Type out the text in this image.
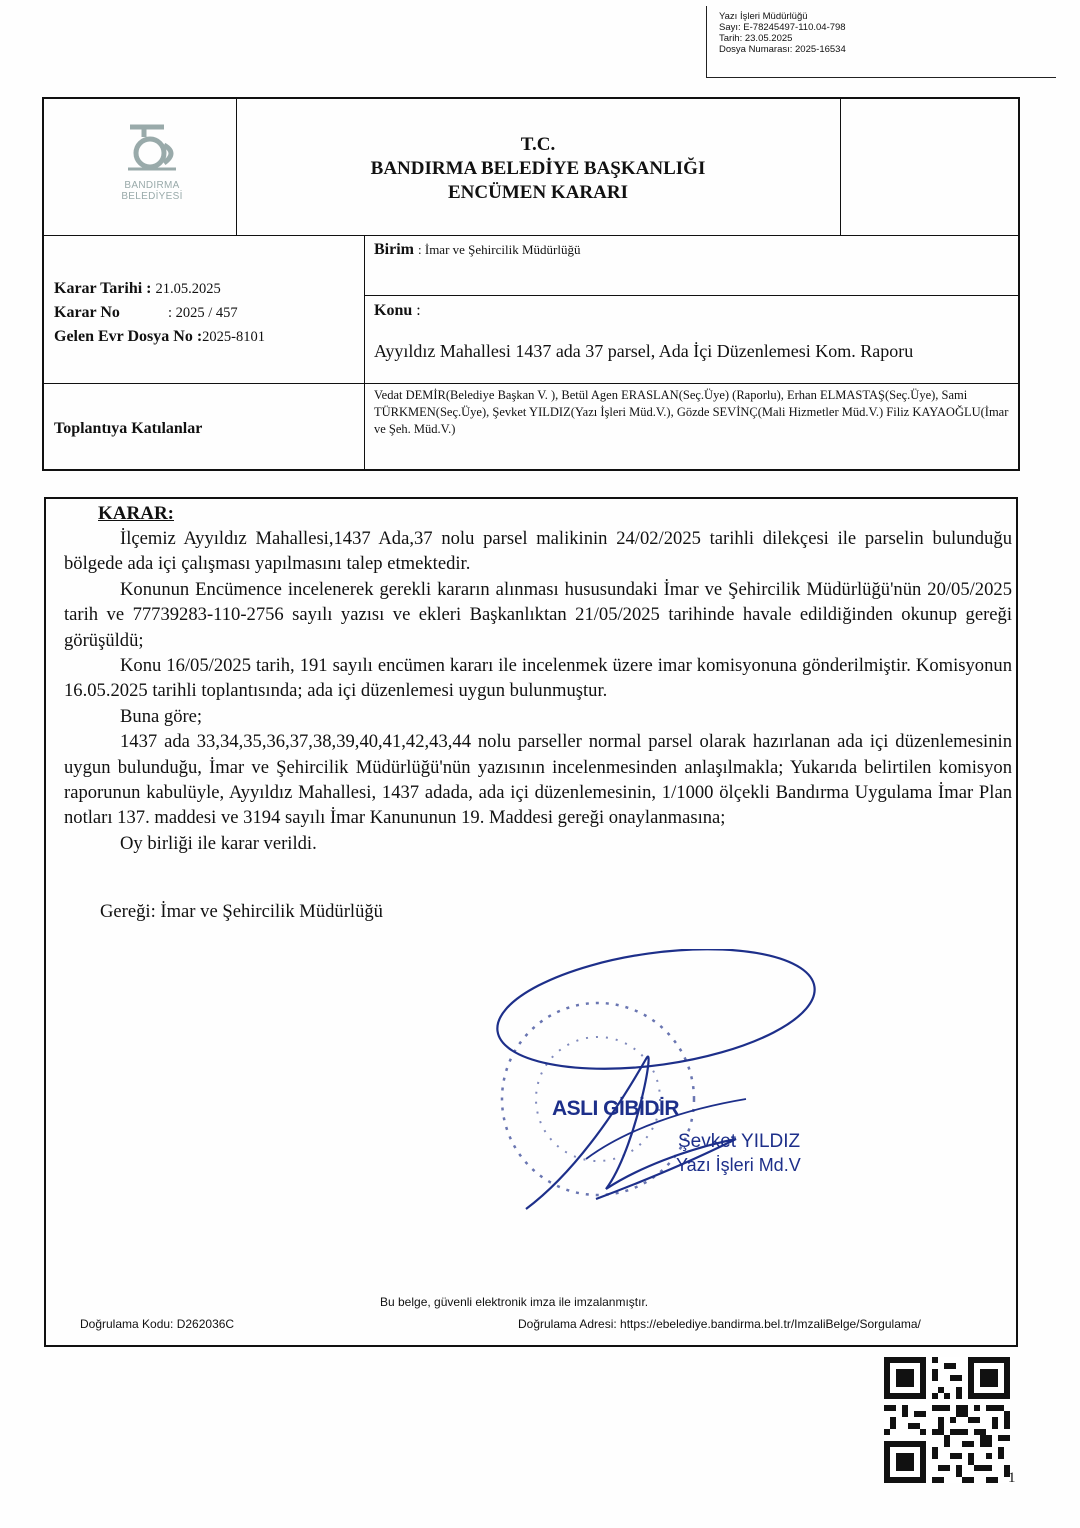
Yazı İşleri Müdürlüğü
Sayı: E-78245497-110.04-798
Tarih: 23.05.2025
Dosya Numarası: 2025-16534
BANDIRMA
BELEDİYESİ
T.C.
BANDIRMA BELEDİYE BAŞKANLIĞI
ENCÜMEN KARARI
Karar Tarihi : 21.05.2025
Karar No	: 2025 / 457
Gelen Evr Dosya No :2025-8101
Birim : İmar ve Şehircilik Müdürlüğü
Konu :
Ayyıldız Mahallesi 1437 ada 37 parsel, Ada İçi Düzenlemesi Kom. Raporu
Toplantıya Katılanlar
Vedat DEMİR(Belediye Başkan V. ), Betül Agen ERASLAN(Seç.Üye) (Raporlu), Erhan ELMASTAŞ(Seç.Üye), Sami TÜRKMEN(Seç.Üye), Şevket YILDIZ(Yazı İşleri Müd.V.), Gözde SEVİNÇ(Mali Hizmetler Müd.V.) Filiz KAYAOĞLU(İmar ve Şeh. Müd.V.)
KARAR:

İlçemiz Ayyıldız Mahallesi,1437 Ada,37 nolu parsel malikinin 24/02/2025 tarihli dilekçesi ile parselin bulunduğu bölgede ada içi çalışması yapılmasını talep etmektedir.

Konunun Encümence incelenerek gerekli kararın alınması hususundaki İmar ve Şehircilik Müdürlüğü'nün 20/05/2025 tarih ve 77739283-110-2756 sayılı yazısı ve ekleri Başkanlıktan 21/05/2025 tarihinde havale edildiğinden okunup gereği görüşüldü;

Konu 16/05/2025 tarih, 191 sayılı encümen kararı ile incelenmek üzere imar komisyonuna gönderilmiştir. Komisyonun 16.05.2025 tarihli toplantısında; ada içi düzenlemesi uygun bulunmuştur.

Buna göre;

1437 ada 33,34,35,36,37,38,39,40,41,42,43,44 nolu parseller normal parsel olarak hazırlanan ada içi düzenlemesinin uygun bulunduğu, İmar ve Şehircilik Müdürlüğü'nün yazısının incelenmesinden anlaşılmakla; Yukarıda belirtilen komisyon raporunun kabulüyle, Ayyıldız Mahallesi, 1437 adada, ada içi düzenlemesinin, 1/1000 ölçekli Bandırma Uygulama İmar Plan notları 137. maddesi ve 3194 sayılı İmar Kanununun 19. Maddesi gereği onaylanmasına;

Oy birliği ile karar verildi.

Gereği: İmar ve Şehircilik Müdürlüğü
ASLI GİBİDİR
Şevket YILDIZ
Yazı İşleri Md.V
Bu belge, güvenli elektronik imza ile imzalanmıştır.
Doğrulama Kodu: D262036C	Doğrulama Adresi: https://ebelediye.bandirma.bel.tr/ImzaliBelge/Sorgulama/
1
